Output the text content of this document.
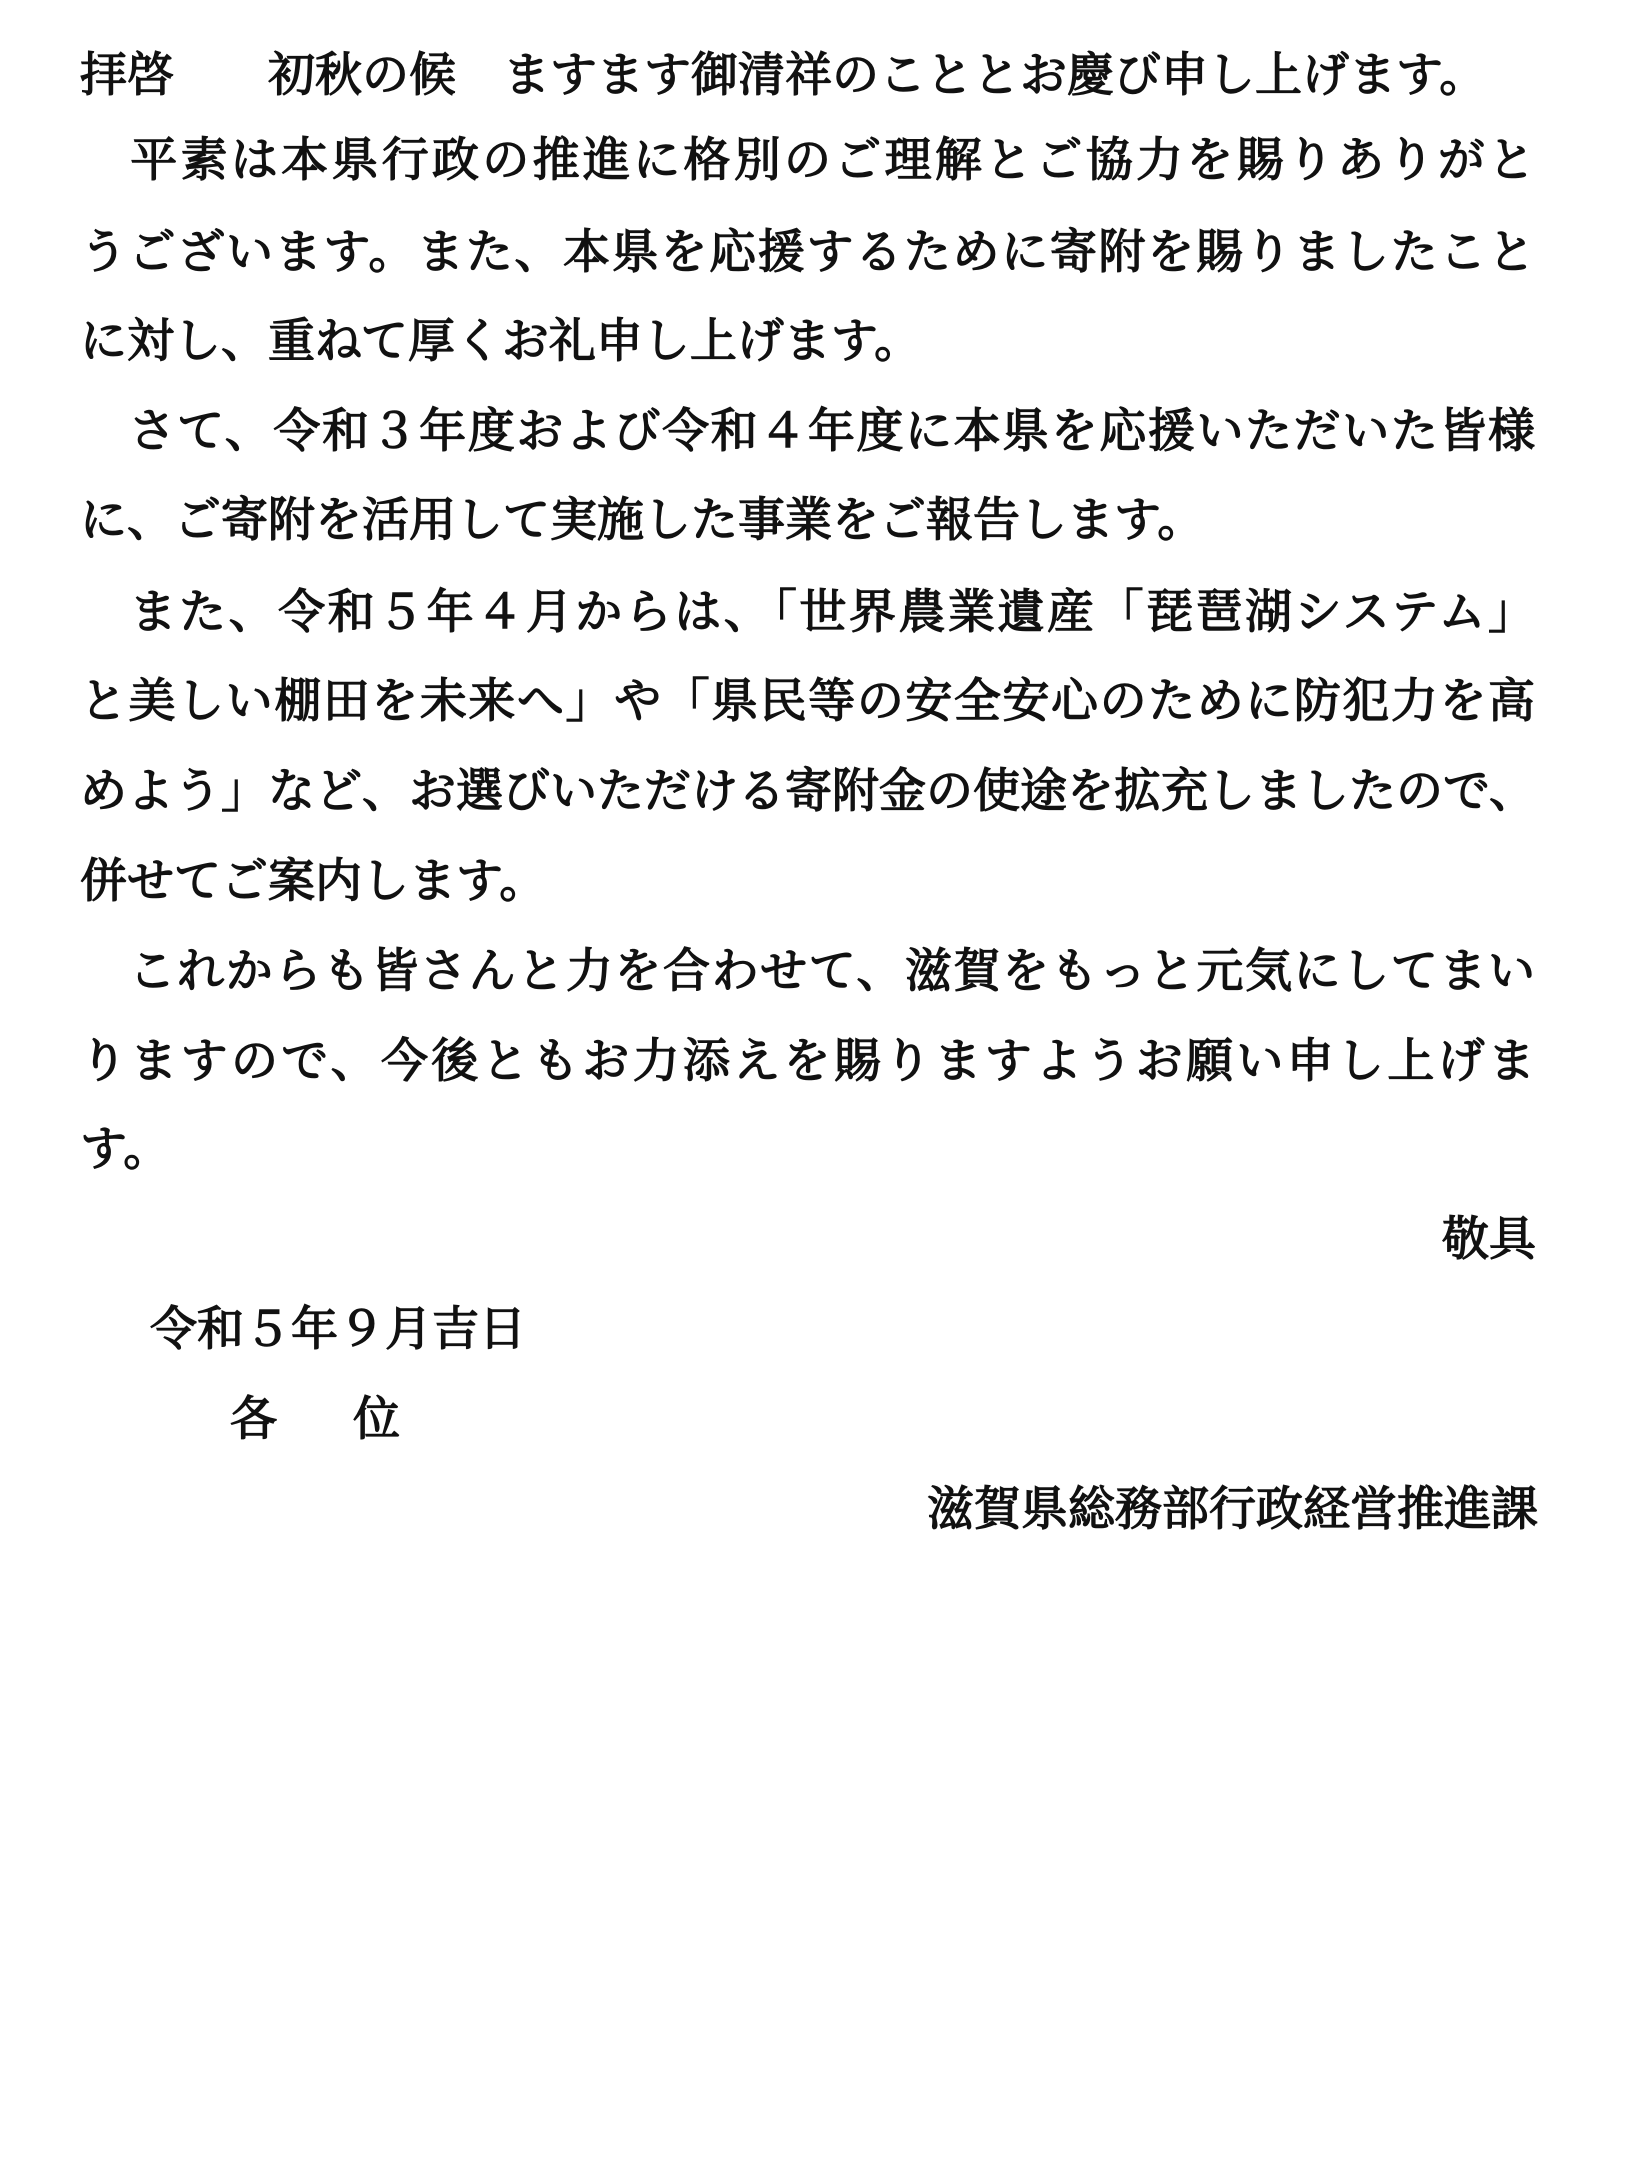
拝啓　　初秋の候　ますます御清祥のこととお慶び申し上げます。
　平素は本県行政の推進に格別のご理解とご協力を賜りありがと
うございます。また、本県を応援するために寄附を賜りましたこと
に対し、重ねて厚くお礼申し上げます。
　さて、令和３年度および令和４年度に本県を応援いただいた皆様
に、ご寄附を活用して実施した事業をご報告します。
　また、令和５年４月からは、「世界農業遺産「琵琶湖システム」
と美しい棚田を未来へ」や「県民等の安全安心のために防犯力を高
めよう」など、お選びいただける寄附金の使途を拡充しましたので、
併せてご案内します。
　これからも皆さんと力を合わせて、滋賀をもっと元気にしてまい
りますので、今後ともお力添えを賜りますようお願い申し上げま
す。
敬具
令和５年９月吉日
各位
滋賀県総務部行政経営推進課
